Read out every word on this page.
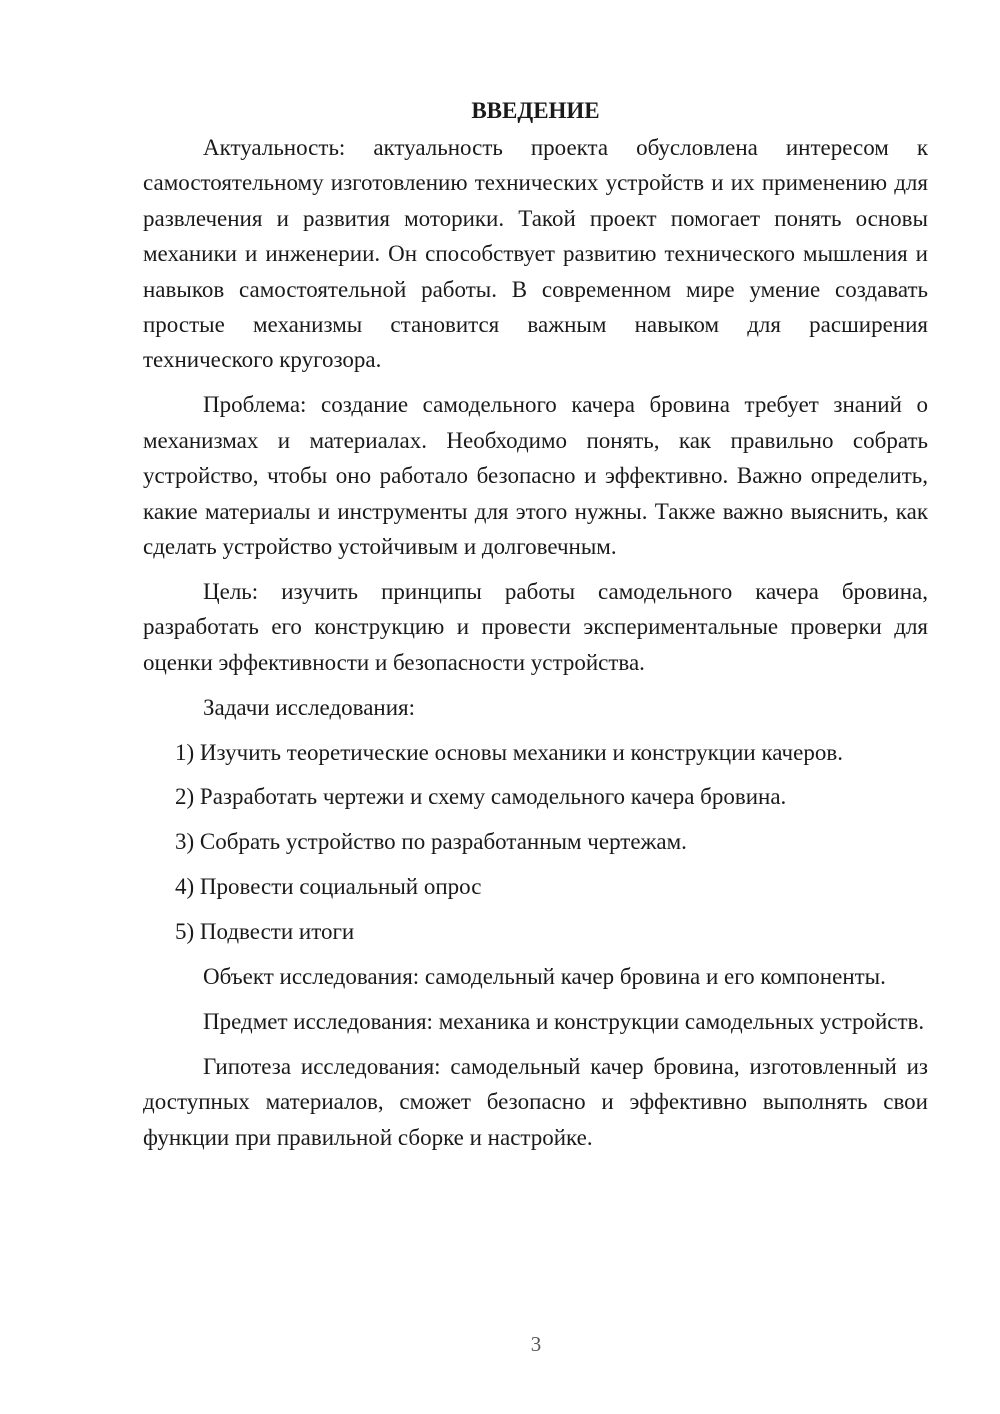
ВВЕДЕНИЕ

Актуальность: актуальность проекта обусловлена интересом к самостоятельному изготовлению технических устройств и их применению для развлечения и развития моторики. Такой проект помогает понять основы механики и инженерии. Он способствует развитию технического мышления и навыков самостоятельной работы. В современном мире умение создавать простые механизмы становится важным навыком для расширения технического кругозора.

Проблема: создание самодельного качера бровина требует знаний о механизмах и материалах. Необходимо понять, как правильно собрать устройство, чтобы оно работало безопасно и эффективно. Важно определить, какие материалы и инструменты для этого нужны. Также важно выяснить, как сделать устройство устойчивым и долговечным.

Цель: изучить принципы работы самодельного качера бровина, разработать его конструкцию и провести экспериментальные проверки для оценки эффективности и безопасности устройства.

Задачи исследования:

1) Изучить теоретические основы механики и конструкции качеров.
2) Разработать чертежи и схему самодельного качера бровина.
3) Собрать устройство по разработанным чертежам.
4) Провести социальный опрос
5) Подвести итоги

Объект исследования: самодельный качер бровина и его компоненты.

Предмет исследования: механика и конструкции самодельных устройств.

Гипотеза исследования: самодельный качер бровина, изготовленный из доступных материалов, сможет безопасно и эффективно выполнять свои функции при правильной сборке и настройке.

3
